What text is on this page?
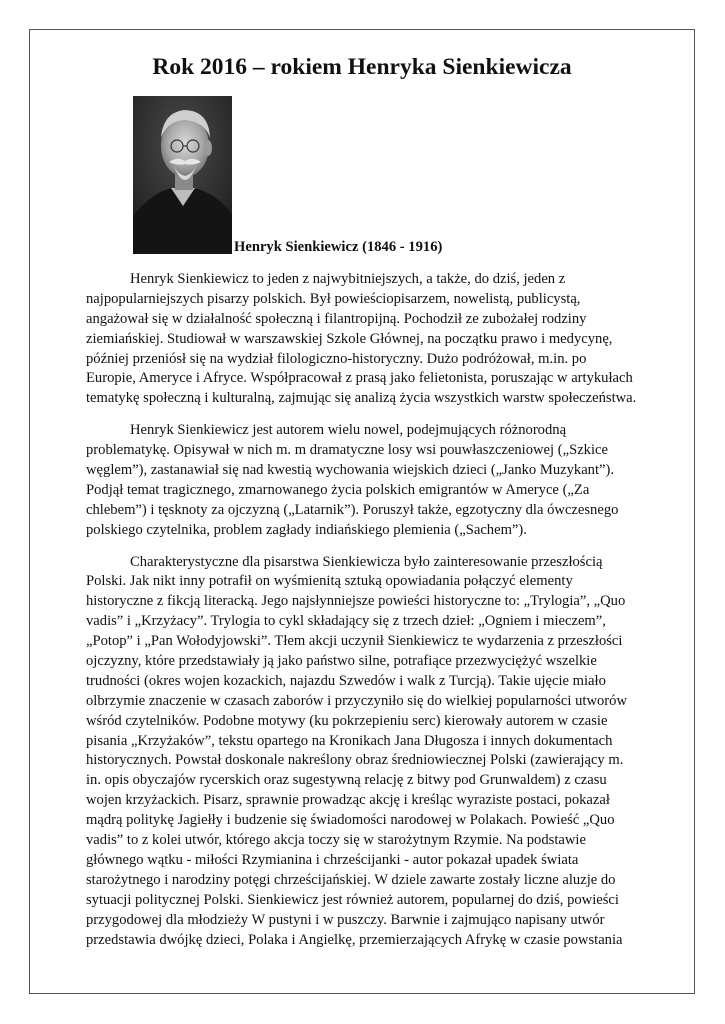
Rok 2016 – rokiem Henryka Sienkiewicza
Henryk Sienkiewicz (1846 - 1916)
Henryk Sienkiewicz to jeden z najwybitniejszych, a także, do dziś, jeden z
najpopularniejszych pisarzy polskich. Był powieściopisarzem, nowelistą, publicystą,
angażował się w działalność społeczną i filantropijną. Pochodził ze zubożałej rodziny
ziemiańskiej. Studiował w warszawskiej Szkole Głównej, na początku prawo i medycynę,
później przeniósł się na wydział filologiczno-historyczny. Dużo podróżował, m.in. po
Europie, Ameryce i Afryce. Współpracował z prasą jako felietonista, poruszając w artykułach
tematykę społeczną i kulturalną, zajmując się analizą życia wszystkich warstw społeczeństwa.
Henryk Sienkiewicz jest autorem wielu nowel, podejmujących różnorodną
problematykę. Opisywał w nich m. m dramatyczne losy wsi pouwłaszczeniowej („Szkice
węglem”), zastanawiał się nad kwestią wychowania wiejskich dzieci („Janko Muzykant”).
Podjął temat tragicznego, zmarnowanego życia polskich emigrantów w Ameryce („Za
chlebem”) i tęsknoty za ojczyzną („Latarnik”). Poruszył także, egzotyczny dla ówczesnego
polskiego czytelnika, problem zagłady indiańskiego plemienia („Sachem”).
Charakterystyczne dla pisarstwa Sienkiewicza było zainteresowanie przeszłością
Polski. Jak nikt inny potrafił on wyśmienitą sztuką opowiadania połączyć elementy
historyczne z fikcją literacką. Jego najsłynniejsze powieści historyczne to: „Trylogia”, „Quo
vadis” i „Krzyżacy”. Trylogia to cykl składający się z trzech dzieł: „Ogniem i mieczem”,
„Potop” i „Pan Wołodyjowski”. Tłem akcji uczynił Sienkiewicz te wydarzenia z przeszłości
ojczyzny, które przedstawiały ją jako państwo silne, potrafiące przezwyciężyć wszelkie
trudności (okres wojen kozackich, najazdu Szwedów i walk z Turcją). Takie ujęcie miało
olbrzymie znaczenie w czasach zaborów i przyczyniło się do wielkiej popularności utworów
wśród czytelników. Podobne motywy (ku pokrzepieniu serc) kierowały autorem w czasie
pisania „Krzyżaków”, tekstu opartego na Kronikach Jana Długosza i innych dokumentach
historycznych. Powstał doskonale nakreślony obraz średniowiecznej Polski (zawierający m.
in. opis obyczajów rycerskich oraz sugestywną relację z bitwy pod Grunwaldem) z czasu
wojen krzyżackich. Pisarz, sprawnie prowadząc akcję i kreśląc wyraziste postaci, pokazał
mądrą politykę Jagiełły i budzenie się świadomości narodowej w Polakach. Powieść „Quo
vadis” to z kolei utwór, którego akcja toczy się w starożytnym Rzymie. Na podstawie
głównego wątku - miłości Rzymianina i chrześcijanki - autor pokazał upadek świata
starożytnego i narodziny potęgi chrześcijańskiej. W dziele zawarte zostały liczne aluzje do
sytuacji politycznej Polski. Sienkiewicz jest również autorem, popularnej do dziś, powieści
przygodowej dla młodzieży W pustyni i w puszczy. Barwnie i zajmująco napisany utwór
przedstawia dwójkę dzieci, Polaka i Angielkę, przemierzających Afrykę w czasie powstania
